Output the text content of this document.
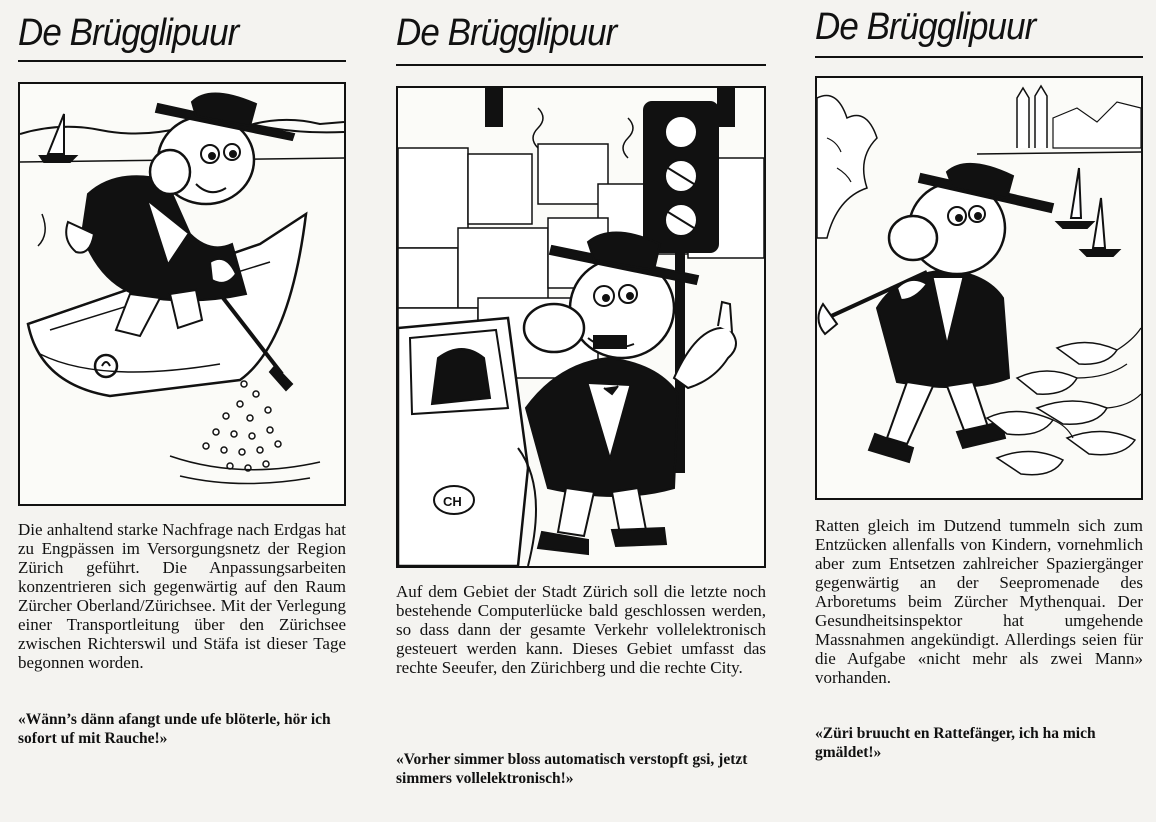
De Brügglipuur

Die anhaltend starke Nachfrage nach Erdgas hat zu Engpässen im Versorgungsnetz der Region Zürich geführt. Die Anpassungsarbeiten konzentrieren sich gegenwärtig auf den Raum Zürcher Oberland/Zürichsee. Mit der Verlegung einer Transportleitung über den Zürichsee zwischen Richterswil und Stäfa ist dieser Tage begonnen worden.

«Wänn’s dänn afangt unde ufe blöterle, hör ich sofort uf mit Rauche!»

De Brügglipuur
CH

Auf dem Gebiet der Stadt Zürich soll die letzte noch bestehende Computerlücke bald geschlossen werden, so dass dann der gesamte Verkehr vollelektronisch gesteuert werden kann. Dieses Gebiet umfasst das rechte Seeufer, den Zürichberg und die rechte City.

«Vorher simmer bloss automatisch verstopft gsi, jetzt simmers vollelektronisch!»

De Brügglipuur

Ratten gleich im Dutzend tummeln sich zum Entzücken allenfalls von Kindern, vornehmlich aber zum Entsetzen zahlreicher Spaziergänger gegenwärtig an der Seepromenade des Arboretums beim Zürcher Mythenquai. Der Gesundheitsinspektor hat umgehende Massnahmen angekündigt. Allerdings seien für die Aufgabe «nicht mehr als zwei Mann» vorhanden.

«Züri bruucht en Rattefänger, ich ha mich gmäldet!»
